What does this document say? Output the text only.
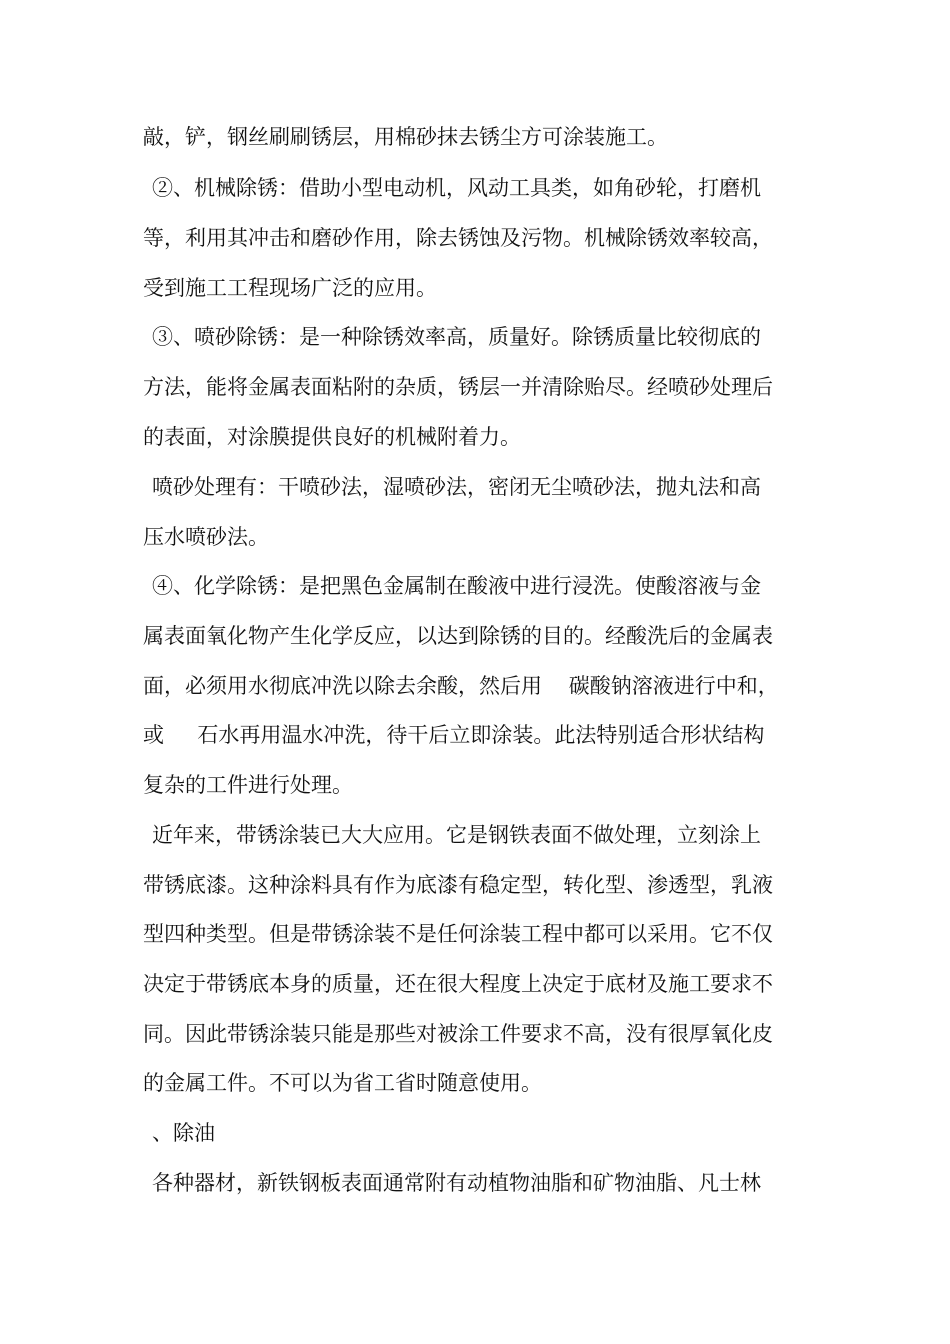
敲，铲，钢丝刷刷锈层，用棉砂抹去锈尘方可涂装施工。
②、机械除锈：借助小型电动机，风动工具类，如角砂轮，打磨机
等，利用其冲击和磨砂作用，除去锈蚀及污物。机械除锈效率较高，
受到施工工程现场广泛的应用。
③、喷砂除锈：是一种除锈效率高，质量好。除锈质量比较彻底的
方法，能将金属表面粘附的杂质，锈层一并清除贻尽。经喷砂处理后
的表面，对涂膜提供良好的机械附着力。
喷砂处理有：干喷砂法，湿喷砂法，密闭无尘喷砂法，抛丸法和高
压水喷砂法。
④、化学除锈：是把黑色金属制在酸液中进行浸洗。使酸溶液与金
属表面氧化物产生化学反应，以达到除锈的目的。经酸洗后的金属表
面，必须用水彻底冲洗以除去余酸，然后用    碳酸钠溶液进行中和，
或     石水再用温水冲洗，待干后立即涂装。此法特别适合形状结构
复杂的工件进行处理。
近年来，带锈涂装已大大应用。它是钢铁表面不做处理，立刻涂上
带锈底漆。这种涂料具有作为底漆有稳定型，转化型、渗透型，乳液
型四种类型。但是带锈涂装不是任何涂装工程中都可以采用。它不仅
决定于带锈底本身的质量，还在很大程度上决定于底材及施工要求不
同。因此带锈涂装只能是那些对被涂工件要求不高，没有很厚氧化皮
的金属工件。不可以为省工省时随意使用。
、除油
各种器材，新铁钢板表面通常附有动植物油脂和矿物油脂、凡士林
